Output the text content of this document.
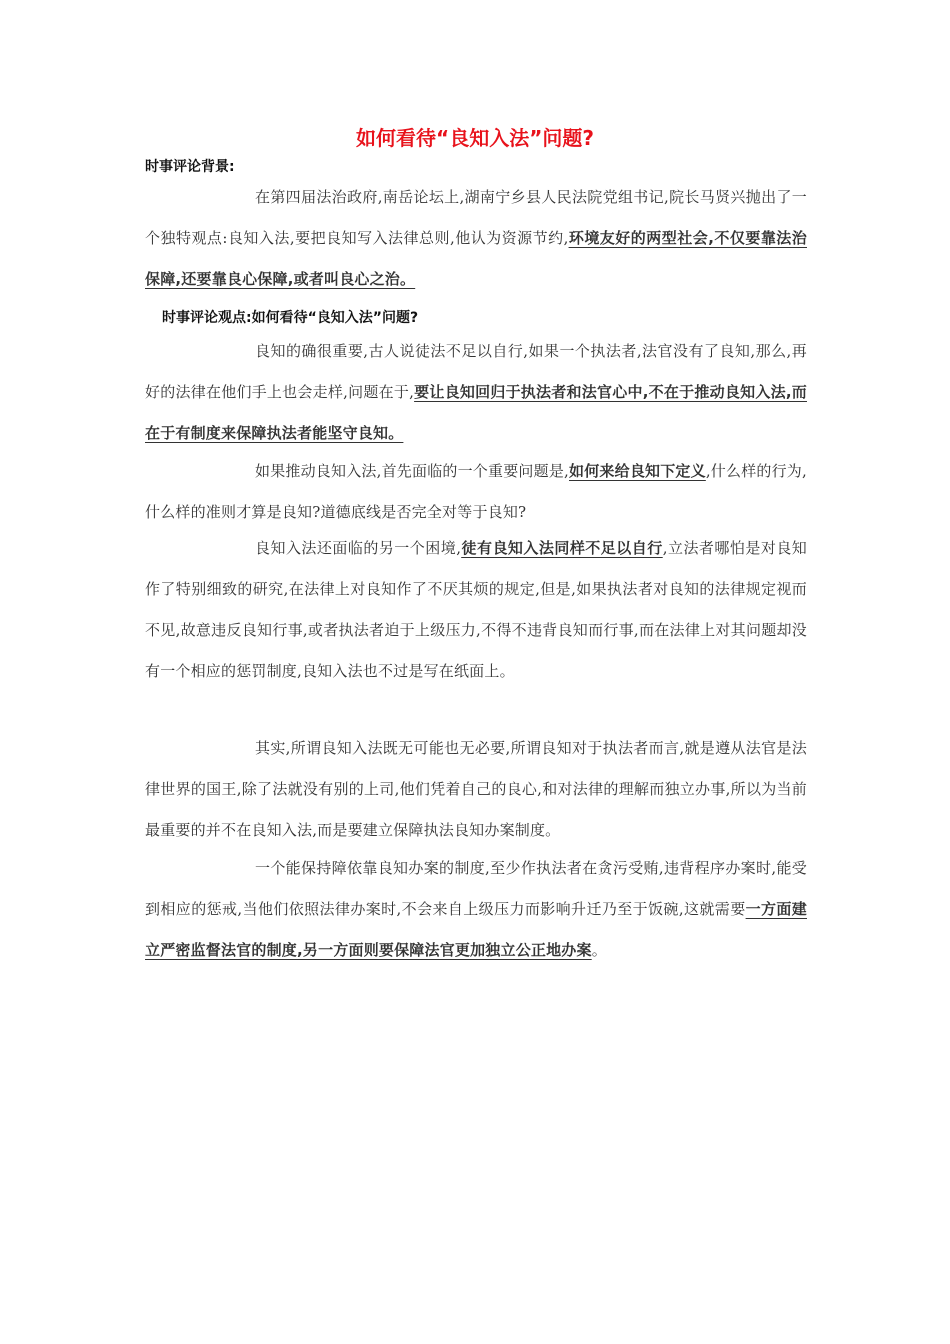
如何看待“良知入法”问题?

时事评论背景:

在第四届法治政府,南岳论坛上,湖南宁乡县人民法院党组书记,院长马贤兴抛出了一个独特观点:良知入法,要把良知写入法律总则,他认为资源节约,环境友好的两型社会,不仅要靠法治保障,还要靠良心保障,或者叫良心之治。

时事评论观点:如何看待“良知入法”问题?

良知的确很重要,古人说徒法不足以自行,如果一个执法者,法官没有了良知,那么,再好的法律在他们手上也会走样,问题在于,要让良知回归于执法者和法官心中,不在于推动良知入法,而在于有制度来保障执法者能坚守良知。

如果推动良知入法,首先面临的一个重要问题是,如何来给良知下定义,什么样的行为,什么样的准则才算是良知?道德底线是否完全对等于良知?

良知入法还面临的另一个困境,徒有良知入法同样不足以自行,立法者哪怕是对良知作了特别细致的研究,在法律上对良知作了不厌其烦的规定,但是,如果执法者对良知的法律规定视而不见,故意违反良知行事,或者执法者迫于上级压力,不得不违背良知而行事,而在法律上对其问题却没有一个相应的惩罚制度,良知入法也不过是写在纸面上。

其实,所谓良知入法既无可能也无必要,所谓良知对于执法者而言,就是遵从法官是法律世界的国王,除了法就没有别的上司,他们凭着自己的良心,和对法律的理解而独立办事,所以为当前最重要的并不在良知入法,而是要建立保障执法良知办案制度。

一个能保持障依靠良知办案的制度,至少作执法者在贪污受贿,违背程序办案时,能受到相应的惩戒,当他们依照法律办案时,不会来自上级压力而影响升迁乃至于饭碗,这就需要一方面建立严密监督法官的制度,另一方面则要保障法官更加独立公正地办案。
